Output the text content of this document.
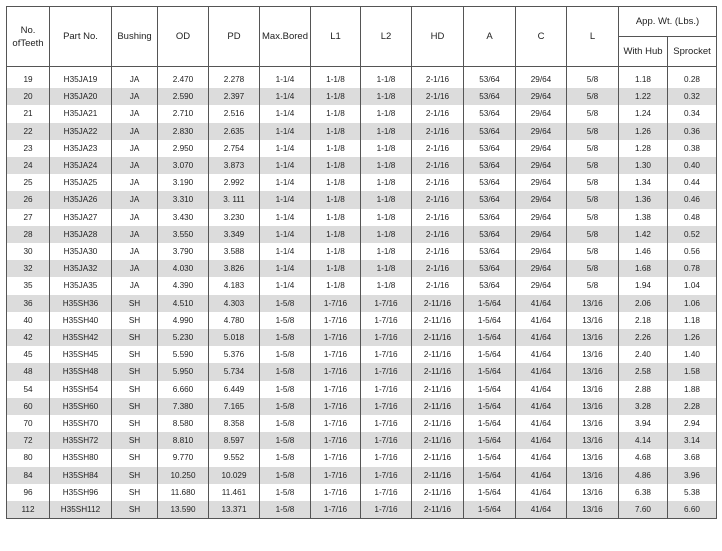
No. ofTeeth	Part No.	Bushing	OD	PD	Max.Bored	L1	L2	HD	A	C	L	App. Wt. (Lbs.)	
												With Hub	Sprocket
19	H35JA19	JA	2.470	2.278	1-1/4	1-1/8	1-1/8	2-1/16	53/64	29/64	5/8	1.18	0.28
20	H35JA20	JA	2.590	2.397	1-1/4	1-1/8	1-1/8	2-1/16	53/64	29/64	5/8	1.22	0.32
21	H35JA21	JA	2.710	2.516	1-1/4	1-1/8	1-1/8	2-1/16	53/64	29/64	5/8	1.24	0.34
22	H35JA22	JA	2.830	2.635	1-1/4	1-1/8	1-1/8	2-1/16	53/64	29/64	5/8	1.26	0.36
23	H35JA23	JA	2.950	2.754	1-1/4	1-1/8	1-1/8	2-1/16	53/64	29/64	5/8	1.28	0.38
24	H35JA24	JA	3.070	3.873	1-1/4	1-1/8	1-1/8	2-1/16	53/64	29/64	5/8	1.30	0.40
25	H35JA25	JA	3.190	2.992	1-1/4	1-1/8	1-1/8	2-1/16	53/64	29/64	5/8	1.34	0.44
26	H35JA26	JA	3.310	3. 111	1-1/4	1-1/8	1-1/8	2-1/16	53/64	29/64	5/8	1.36	0.46
27	H35JA27	JA	3.430	3.230	1-1/4	1-1/8	1-1/8	2-1/16	53/64	29/64	5/8	1.38	0.48
28	H35JA28	JA	3.550	3.349	1-1/4	1-1/8	1-1/8	2-1/16	53/64	29/64	5/8	1.42	0.52
30	H35JA30	JA	3.790	3.588	1-1/4	1-1/8	1-1/8	2-1/16	53/64	29/64	5/8	1.46	0.56
32	H35JA32	JA	4.030	3.826	1-1/4	1-1/8	1-1/8	2-1/16	53/64	29/64	5/8	1.68	0.78
35	H35JA35	JA	4.390	4.183	1-1/4	1-1/8	1-1/8	2-1/16	53/64	29/64	5/8	1.94	1.04
36	H35SH36	SH	4.510	4.303	1-5/8	1-7/16	1-7/16	2-11/16	1-5/64	41/64	13/16	2.06	1.06
40	H35SH40	SH	4.990	4.780	1-5/8	1-7/16	1-7/16	2-11/16	1-5/64	41/64	13/16	2.18	1.18
42	H35SH42	SH	5.230	5.018	1-5/8	1-7/16	1-7/16	2-11/16	1-5/64	41/64	13/16	2.26	1.26
45	H35SH45	SH	5.590	5.376	1-5/8	1-7/16	1-7/16	2-11/16	1-5/64	41/64	13/16	2.40	1.40
48	H35SH48	SH	5.950	5.734	1-5/8	1-7/16	1-7/16	2-11/16	1-5/64	41/64	13/16	2.58	1.58
54	H35SH54	SH	6.660	6.449	1-5/8	1-7/16	1-7/16	2-11/16	1-5/64	41/64	13/16	2.88	1.88
60	H35SH60	SH	7.380	7.165	1-5/8	1-7/16	1-7/16	2-11/16	1-5/64	41/64	13/16	3.28	2.28
70	H35SH70	SH	8.580	8.358	1-5/8	1-7/16	1-7/16	2-11/16	1-5/64	41/64	13/16	3.94	2.94
72	H35SH72	SH	8.810	8.597	1-5/8	1-7/16	1-7/16	2-11/16	1-5/64	41/64	13/16	4.14	3.14
80	H35SH80	SH	9.770	9.552	1-5/8	1-7/16	1-7/16	2-11/16	1-5/64	41/64	13/16	4.68	3.68
84	H35SH84	SH	10.250	10.029	1-5/8	1-7/16	1-7/16	2-11/16	1-5/64	41/64	13/16	4.86	3.96
96	H35SH96	SH	11.680	11.461	1-5/8	1-7/16	1-7/16	2-11/16	1-5/64	41/64	13/16	6.38	5.38
112	H35SH112	SH	13.590	13.371	1-5/8	1-7/16	1-7/16	2-11/16	1-5/64	41/64	13/16	7.60	6.60
